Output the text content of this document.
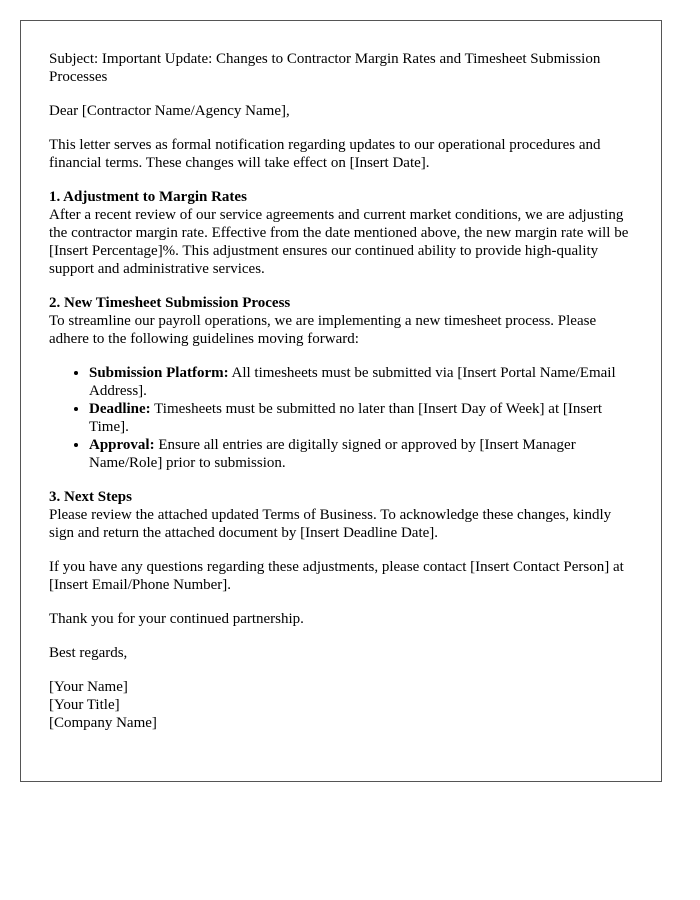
Subject: Important Update: Changes to Contractor Margin Rates and Timesheet Submission Processes

Dear [Contractor Name/Agency Name],

This letter serves as formal notification regarding updates to our operational procedures and financial terms. These changes will take effect on [Insert Date].

1. Adjustment to Margin Rates
After a recent review of our service agreements and current market conditions, we are adjusting the contractor margin rate. Effective from the date mentioned above, the new margin rate will be [Insert Percentage]%. This adjustment ensures our continued ability to provide high-quality support and administrative services.

2. New Timesheet Submission Process
To streamline our payroll operations, we are implementing a new timesheet process. Please adhere to the following guidelines moving forward:

• Submission Platform: All timesheets must be submitted via [Insert Portal Name/Email Address].
• Deadline: Timesheets must be submitted no later than [Insert Day of Week] at [Insert Time].
• Approval: Ensure all entries are digitally signed or approved by [Insert Manager Name/Role] prior to submission.

3. Next Steps
Please review the attached updated Terms of Business. To acknowledge these changes, kindly sign and return the attached document by [Insert Deadline Date].

If you have any questions regarding these adjustments, please contact [Insert Contact Person] at [Insert Email/Phone Number].

Thank you for your continued partnership.

Best regards,

[Your Name]

[Your Title]

[Company Name]
